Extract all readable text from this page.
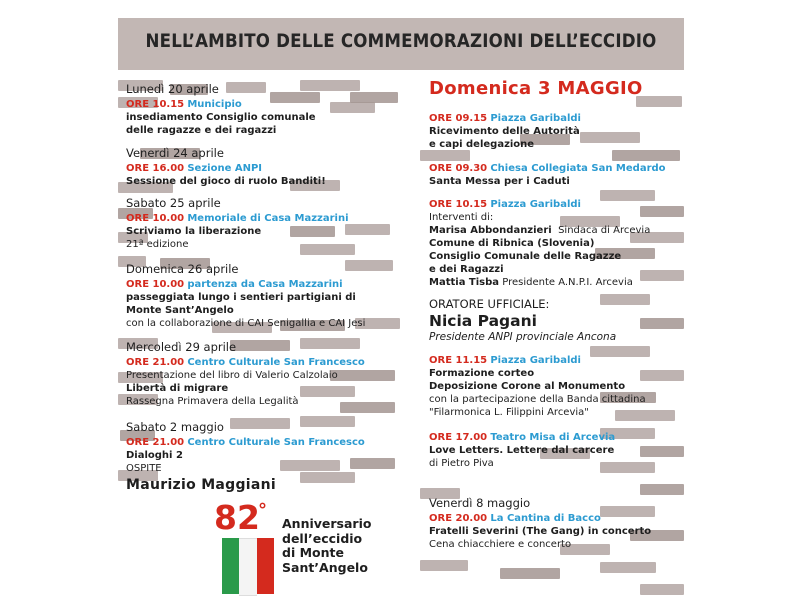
NELL’AMBITO DELLE COMMEMORAZIONI DELL’ECCIDIO
Lunedì 20 aprile
ORE 10.15 Municipio
insediamento Consiglio comunale
delle ragazze e dei ragazzi
Venerdì 24 aprile
ORE 16.00 Sezione ANPI
Sessione del gioco di ruolo Banditi!
Sabato 25 aprile
ORE 10.00 Memoriale di Casa Mazzarini
Scriviamo la liberazione
21ª edizione
Domenica 26 aprile
ORE 10.00 partenza da Casa Mazzarini
passeggiata lungo i sentieri partigiani di
Monte Sant’Angelo
con la collaborazione di CAI Senigallia e CAI Jesi
Mercoledì 29 aprile
ORE 21.00 Centro Culturale San Francesco
Presentazione del libro di Valerio Calzolaio
Libertà di migrare
Rassegna Primavera della Legalità
Sabato 2 maggio
ORE 21.00 Centro Culturale San Francesco
Dialoghi 2
OSPITE
Maurizio Maggiani
82
°
Anniversario
dell’eccidio
di Monte
Sant’Angelo
Domenica 3 MAGGIO
ORE 09.15 Piazza Garibaldi
Ricevimento delle Autorità
e capi delegazione
ORE 09.30 Chiesa Collegiata San Medardo
Santa Messa per i Caduti
ORE 10.15 Piazza Garibaldi
Interventi di:
Marisa Abbondanzieri Sindaca di Arcevia
Comune di Ribnica (Slovenia)
Consiglio Comunale delle Ragazze
e dei Ragazzi
Mattia Tisba Presidente A.N.P.I. Arcevia
ORATORE UFFICIALE:
Nicia Pagani
Presidente ANPI provinciale Ancona
ORE 11.15 Piazza Garibaldi
Formazione corteo
Deposizione Corone al Monumento
con la partecipazione della Banda cittadina
"Filarmonica L. Filippini Arcevia"
ORE 17.00 Teatro Misa di Arcevia
Love Letters. Lettere dal carcere
di Pietro Piva
Venerdì 8 maggio
ORE 20.00 La Cantina di Bacco
Fratelli Severini (The Gang) in concerto
Cena chiacchiere e concerto
